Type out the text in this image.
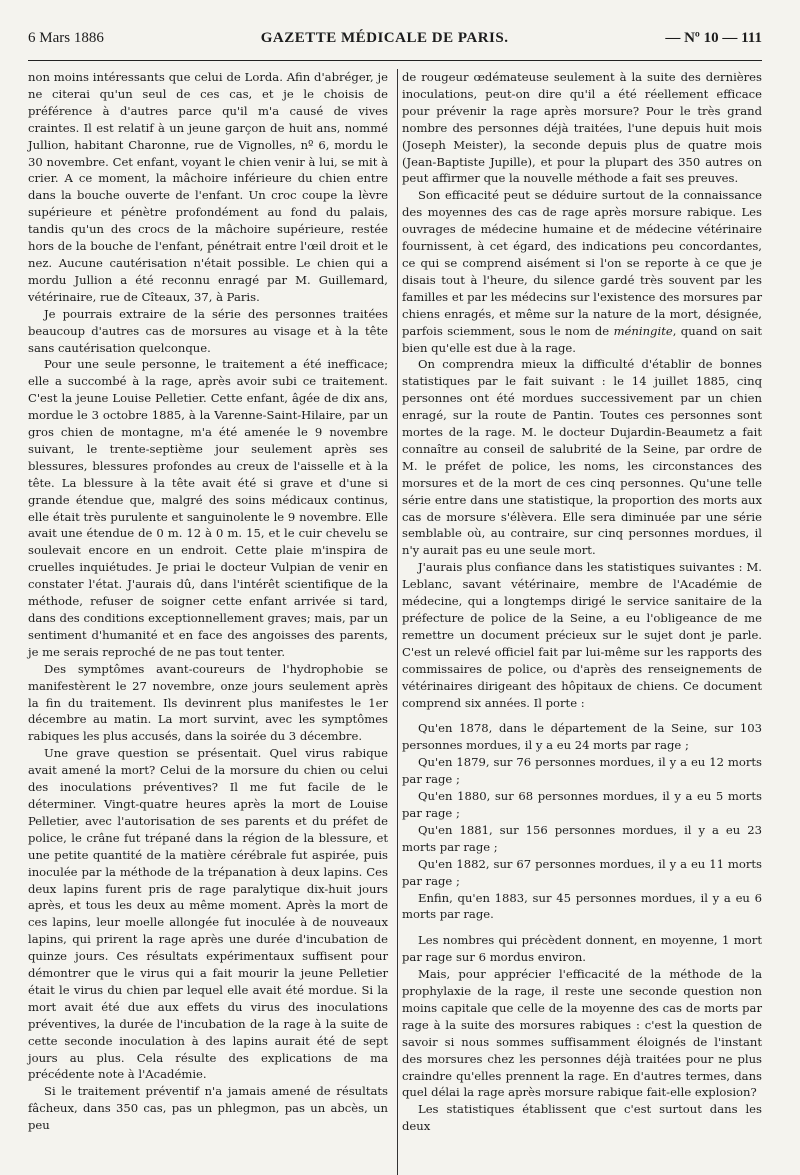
6 Mars 1886	GAZETTE MÉDICALE DE PARIS.	— Nº 10 — 111

non moins intéressants que celui de Lorda. Afin d'abréger, je ne citerai qu'un seul de ces cas, et je le choisis de préférence à d'autres parce qu'il m'a causé de vives craintes. Il est relatif à un jeune garçon de huit ans, nommé Jullion, habitant Charonne, rue de Vignolles, nº 6, mordu le 30 novembre. Cet enfant, voyant le chien venir à lui, se mit à crier. A ce moment, la mâchoire inférieure du chien entre dans la bouche ouverte de l'enfant. Un croc coupe la lèvre supérieure et pénètre profondément au fond du palais, tandis qu'un des crocs de la mâchoire supérieure, restée hors de la bouche de l'enfant, pénétrait entre l'œil droit et le nez. Aucune cautérisation n'était possible. Le chien qui a mordu Jullion a été reconnu enragé par M. Guillemard, vétérinaire, rue de Cîteaux, 37, à Paris.

Je pourrais extraire de la série des personnes traitées beaucoup d'autres cas de morsures au visage et à la tête sans cautérisation quelconque.

Pour une seule personne, le traitement a été inefficace; elle a succombé à la rage, après avoir subi ce traitement. C'est la jeune Louise Pelletier. Cette enfant, âgée de dix ans, mordue le 3 octobre 1885, à la Varenne-Saint-Hilaire, par un gros chien de montagne, m'a été amenée le 9 novembre suivant, le trente-septième jour seulement après ses blessures, blessures profondes au creux de l'aisselle et à la tête. La blessure à la tête avait été si grave et d'une si grande étendue que, malgré des soins médicaux continus, elle était très purulente et sanguinolente le 9 novembre. Elle avait une étendue de 0 m. 12 à 0 m. 15, et le cuir chevelu se soulevait encore en un endroit. Cette plaie m'inspira de cruelles inquiétudes. Je priai le docteur Vulpian de venir en constater l'état. J'aurais dû, dans l'intérêt scientifique de la méthode, refuser de soigner cette enfant arrivée si tard, dans des conditions exceptionnellement graves; mais, par un sentiment d'humanité et en face des angoisses des parents, je me serais reproché de ne pas tout tenter.

Des symptômes avant-coureurs de l'hydrophobie se manifestèrent le 27 novembre, onze jours seulement après la fin du traitement. Ils devinrent plus manifestes le 1er décembre au matin. La mort survint, avec les symptômes rabiques les plus accusés, dans la soirée du 3 décembre.

Une grave question se présentait. Quel virus rabique avait amené la mort? Celui de la morsure du chien ou celui des inoculations préventives? Il me fut facile de le déterminer. Vingt-quatre heures après la mort de Louise Pelletier, avec l'autorisation de ses parents et du préfet de police, le crâne fut trépané dans la région de la blessure, et une petite quantité de la matière cérébrale fut aspirée, puis inoculée par la méthode de la trépanation à deux lapins. Ces deux lapins furent pris de rage paralytique dix-huit jours après, et tous les deux au même moment. Après la mort de ces lapins, leur moelle allongée fut inoculée à de nouveaux lapins, qui prirent la rage après une durée d'incubation de quinze jours. Ces résultats expérimentaux suffisent pour démontrer que le virus qui a fait mourir la jeune Pelletier était le virus du chien par lequel elle avait été mordue. Si la mort avait été due aux effets du virus des inoculations préventives, la durée de l'incubation de la rage à la suite de cette seconde inoculation à des lapins aurait été de sept jours au plus. Cela résulte des explications de ma précédente note à l'Académie.

Si le traitement préventif n'a jamais amené de résultats fâcheux, dans 350 cas, pas un phlegmon, pas un abcès, un peu

de rougeur œdémateuse seulement à la suite des dernières inoculations, peut-on dire qu'il a été réellement efficace pour prévenir la rage après morsure? Pour le très grand nombre des personnes déjà traitées, l'une depuis huit mois (Joseph Meister), la seconde depuis plus de quatre mois (Jean-Baptiste Jupille), et pour la plupart des 350 autres on peut affirmer que la nouvelle méthode a fait ses preuves.

Son efficacité peut se déduire surtout de la connaissance des moyennes des cas de rage après morsure rabique. Les ouvrages de médecine humaine et de médecine vétérinaire fournissent, à cet égard, des indications peu concordantes, ce qui se comprend aisément si l'on se reporte à ce que je disais tout à l'heure, du silence gardé très souvent par les familles et par les médecins sur l'existence des morsures par chiens enragés, et même sur la nature de la mort, désignée, parfois sciemment, sous le nom de méningite, quand on sait bien qu'elle est due à la rage.

On comprendra mieux la difficulté d'établir de bonnes statistiques par le fait suivant : le 14 juillet 1885, cinq personnes ont été mordues successivement par un chien enragé, sur la route de Pantin. Toutes ces personnes sont mortes de la rage. M. le docteur Dujardin-Beaumetz a fait connaître au conseil de salubrité de la Seine, par ordre de M. le préfet de police, les noms, les circonstances des morsures et de la mort de ces cinq personnes. Qu'une telle série entre dans une statistique, la proportion des morts aux cas de morsure s'élèvera. Elle sera diminuée par une série semblable où, au contraire, sur cinq personnes mordues, il n'y aurait pas eu une seule mort.

J'aurais plus confiance dans les statistiques suivantes : M. Leblanc, savant vétérinaire, membre de l'Académie de médecine, qui a longtemps dirigé le service sanitaire de la préfecture de police de la Seine, a eu l'obligeance de me remettre un document précieux sur le sujet dont je parle. C'est un relevé officiel fait par lui-même sur les rapports des commissaires de police, ou d'après des renseignements de vétérinaires dirigeant des hôpitaux de chiens. Ce document comprend six années. Il porte :

Qu'en 1878, dans le département de la Seine, sur 103 personnes mordues, il y a eu 24 morts par rage ;

Qu'en 1879, sur 76 personnes mordues, il y a eu 12 morts par rage ;

Qu'en 1880, sur 68 personnes mordues, il y a eu 5 morts par rage ;

Qu'en 1881, sur 156 personnes mordues, il y a eu 23 morts par rage ;

Qu'en 1882, sur 67 personnes mordues, il y a eu 11 morts par rage ;

Enfin, qu'en 1883, sur 45 personnes mordues, il y a eu 6 morts par rage.

Les nombres qui précèdent donnent, en moyenne, 1 mort par rage sur 6 mordus environ.

Mais, pour apprécier l'efficacité de la méthode de la prophylaxie de la rage, il reste une seconde question non moins capitale que celle de la moyenne des cas de morts par rage à la suite des morsures rabiques : c'est la question de savoir si nous sommes suffisamment éloignés de l'instant des morsures chez les personnes déjà traitées pour ne plus craindre qu'elles prennent la rage. En d'autres termes, dans quel délai la rage après morsure rabique fait-elle explosion?

Les statistiques établissent que c'est surtout dans les deux
